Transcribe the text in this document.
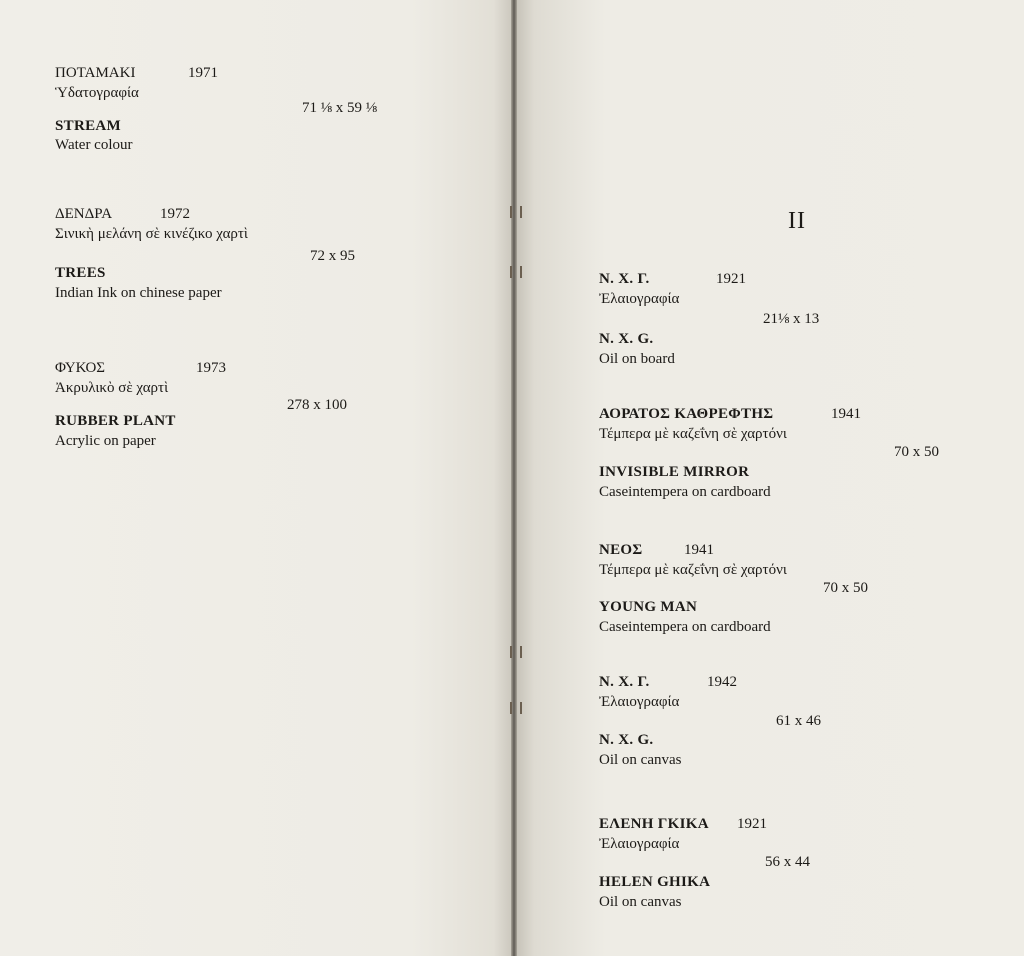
ΠΟΤΑΜΑΚΙ	1971
Ὑδατογραφία
71 ⅛ x 59 ⅛
STREAM
Water colour
ΔΕΝΔΡΑ	1972
Σινικὴ μελάνη σὲ κινέζικο χαρτὶ
72 x 95
TREES
Indian Ink on chinese paper
ΦΥΚΟΣ	1973
Ἀκρυλικὸ σὲ χαρτὶ
278 x 100
RUBBER PLANT
Acrylic on paper
II
Ν. Χ. Γ.	1921
Ἐλαιογραφία
21⅛ x 13
N. X. G.
Oil on board
ΑΟΡΑΤΟΣ ΚΑΘΡΕΦΤΗΣ	1941
Τέμπερα μὲ καζεΐνη σὲ χαρτόνι
70 x 50
INVISIBLE MIRROR
Caseintempera on cardboard
ΝΕΟΣ	1941
Τέμπερα μὲ καζεΐνη σὲ χαρτόνι
70 x 50
YOUNG MAN
Caseintempera on cardboard
Ν. Χ. Γ.	1942
Ἐλαιογραφία
61 x 46
N. X. G.
Oil on canvas
ΕΛΕΝΗ ΓΚΙΚΑ 1921
Ἐλαιογραφία
56 x 44
HELEN GHIKA
Oil on canvas
